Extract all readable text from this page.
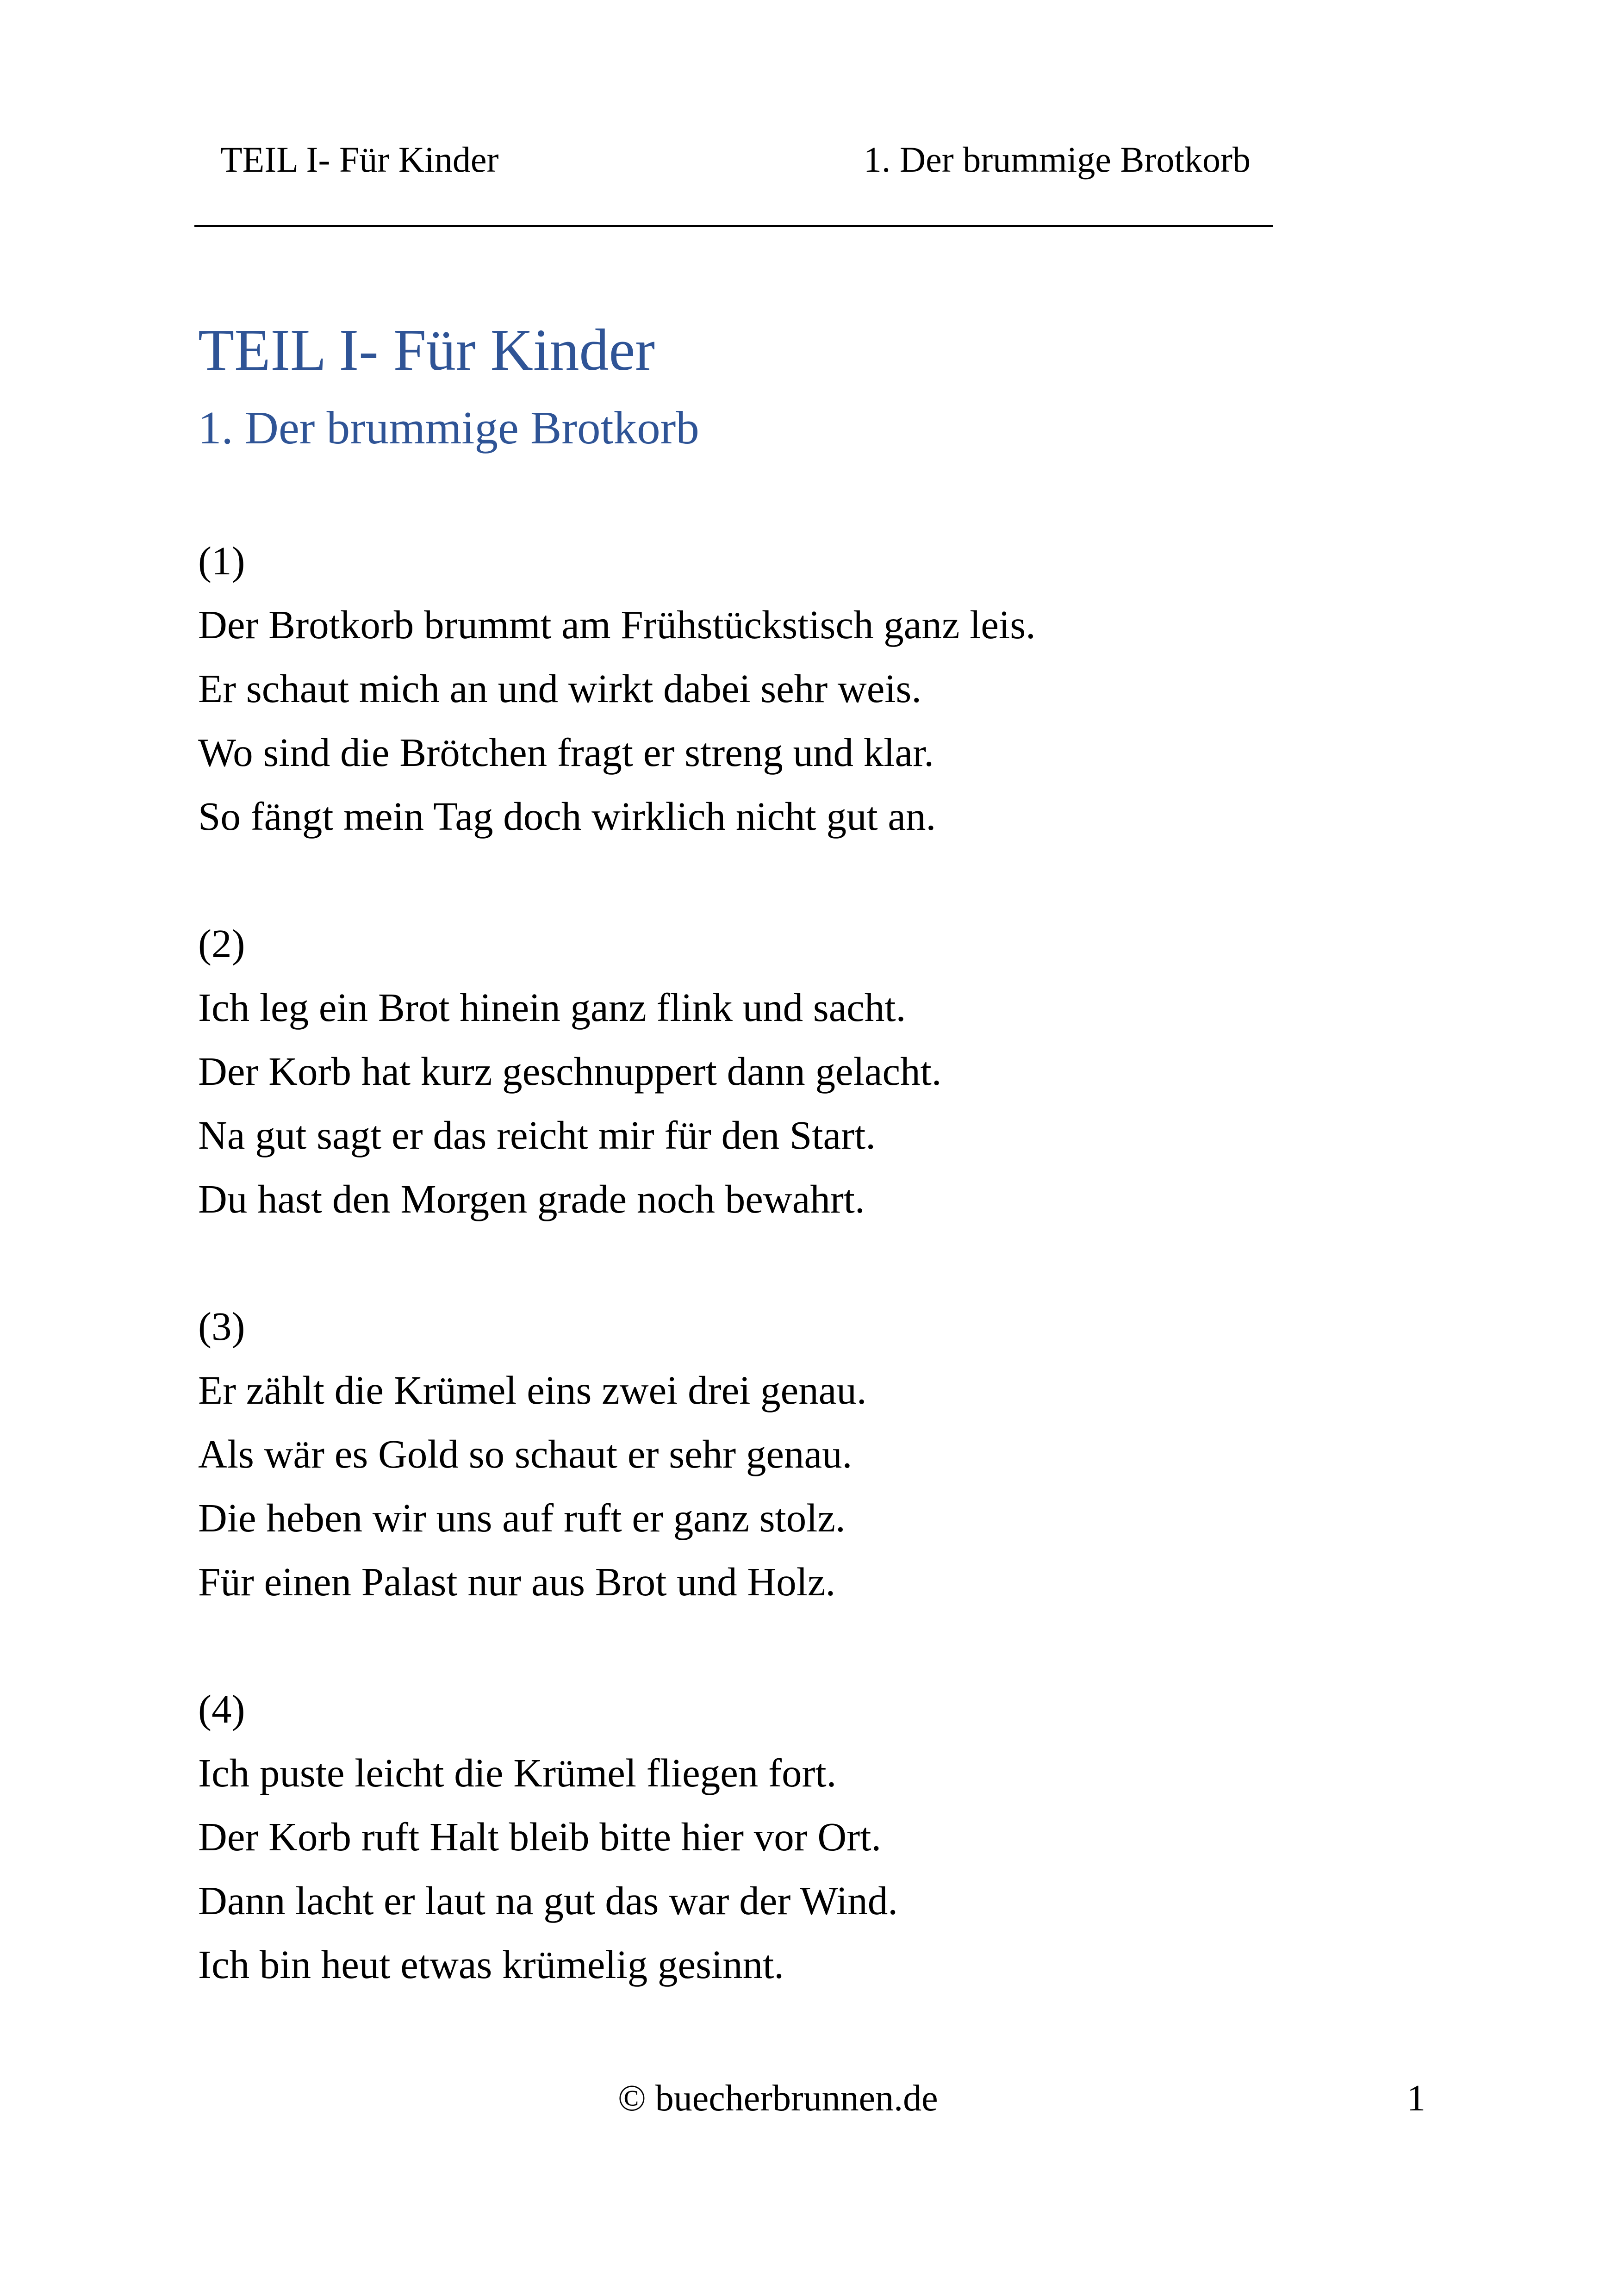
TEIL I- Für Kinder	1. Der brummige Brotkorb
TEIL I- Für Kinder
1. Der brummige Brotkorb
(1)
Der Brotkorb brummt am Frühstückstisch ganz leis.
Er schaut mich an und wirkt dabei sehr weis.
Wo sind die Brötchen fragt er streng und klar.
So fängt mein Tag doch wirklich nicht gut an.
(2)
Ich leg ein Brot hinein ganz flink und sacht.
Der Korb hat kurz geschnuppert dann gelacht.
Na gut sagt er das reicht mir für den Start.
Du hast den Morgen grade noch bewahrt.
(3)
Er zählt die Krümel eins zwei drei genau.
Als wär es Gold so schaut er sehr genau.
Die heben wir uns auf ruft er ganz stolz.
Für einen Palast nur aus Brot und Holz.
(4)
Ich puste leicht die Krümel fliegen fort.
Der Korb ruft Halt bleib bitte hier vor Ort.
Dann lacht er laut na gut das war der Wind.
Ich bin heut etwas krümelig gesinnt.
© buecherbrunnen.de	1
